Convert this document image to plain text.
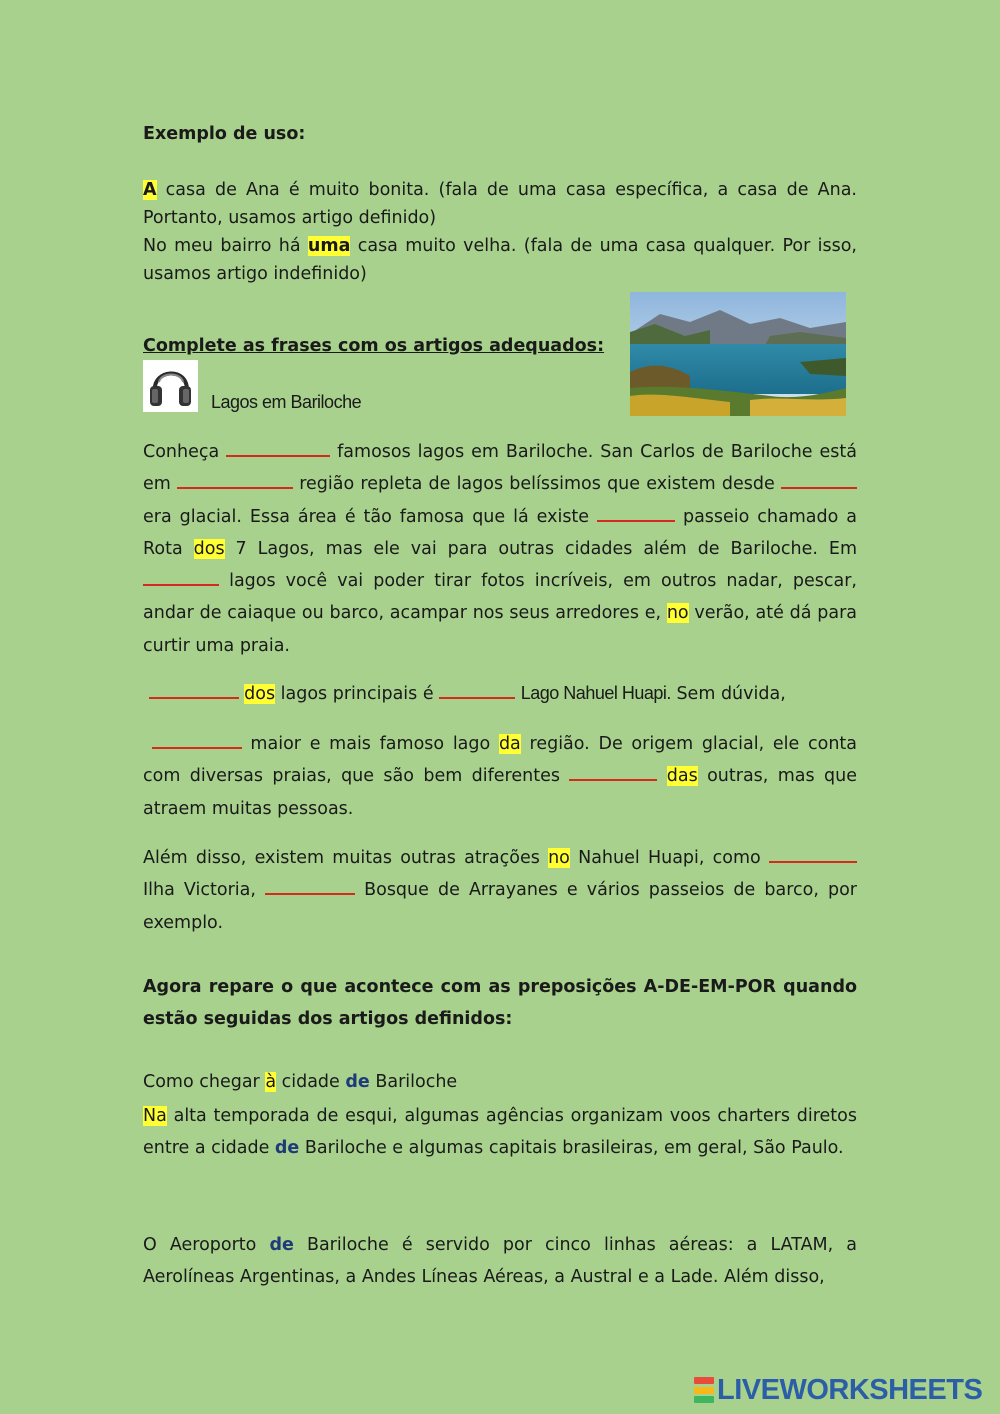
Exemplo de uso:

A casa de Ana é muito bonita. (fala de uma casa específica, a casa de Ana. Portanto, usamos artigo definido)

No meu bairro há uma casa muito velha. (fala de uma casa qualquer. Por isso, usamos artigo indefinido)

Complete as frases com os artigos adequados:

Lagos em Bariloche

Conheça	famosos lagos em Bariloche. San Carlos de Bariloche está em	região repleta de lagos belíssimos que existem desde  era glacial. Essa área é tão famosa que lá existe	passeio chamado a Rota dos 7 Lagos, mas ele vai para outras cidades além de Bariloche. Em  lagos você vai poder tirar fotos incríveis, em outros nadar, pescar, andar de caiaque ou barco, acampar nos seus arredores e, no verão, até dá para curtir uma praia.

dos lagos principais é	Lago Nahuel Huapi. Sem dúvida,

maior e mais famoso lago da região. De origem glacial, ele conta com diversas praias, que são bem diferentes	das outras, mas que atraem muitas pessoas.

Além disso, existem muitas outras atrações no Nahuel Huapi, como  Ilha Victoria,	Bosque de Arrayanes e vários passeios de barco, por exemplo.

Agora repare o que acontece com as preposições A-DE-EM-POR quando estão seguidas dos artigos definidos:

Como chegar à cidade de Bariloche

Na alta temporada de esqui, algumas agências organizam voos charters diretos entre a cidade de Bariloche e algumas capitais brasileiras, em geral, São Paulo.

O Aeroporto de Bariloche é servido por cinco linhas aéreas: a LATAM, a Aerolíneas Argentinas, a Andes Líneas Aéreas, a Austral e a Lade. Além disso,

LIVEWORKSHEETS
